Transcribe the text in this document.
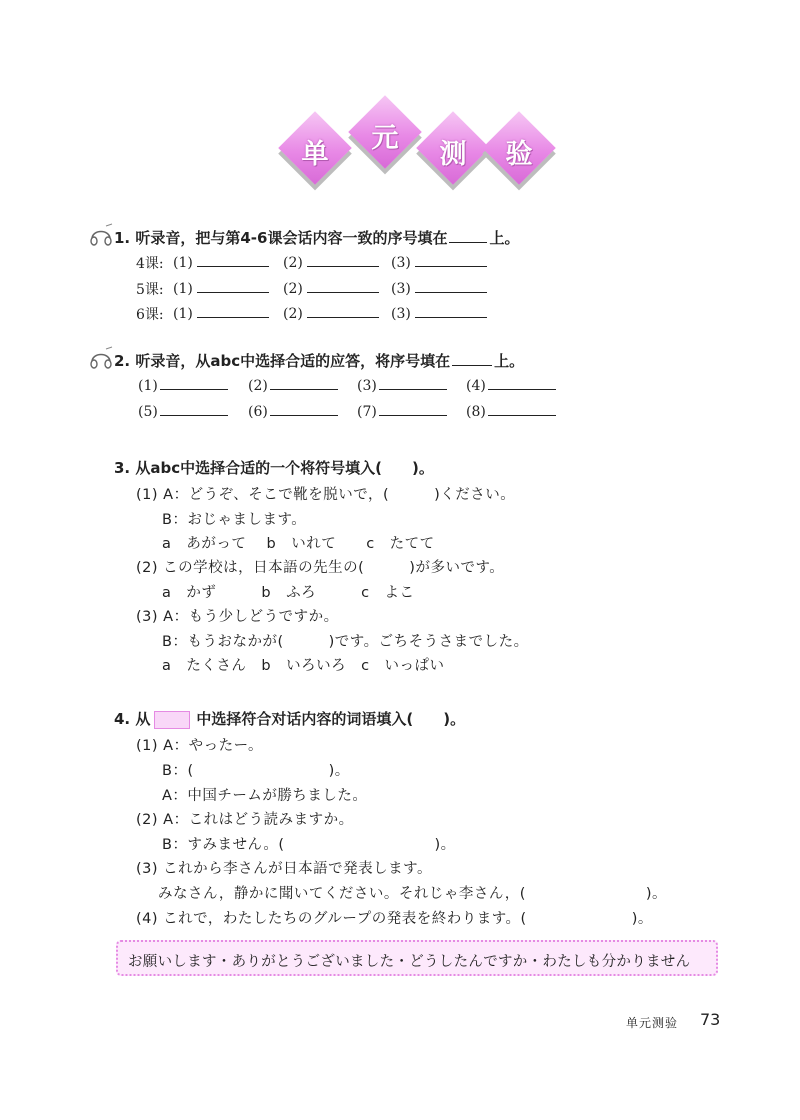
单
元
测	验
1. 听录音，把与第4-6课会话内容一致的序号填在	上。
4课: (1)	(2)	(3)
5课: (1)	(2)	(3)
6课: (1)	(2)	(3)
2. 听录音，从abc中选择合适的应答，将序号填在	上。
(1)	(2)	(3)	(4)
(5)	(6)	(7)	(8)
3. 从abc中选择合适的一个将符号填入(　　)。
(1) A：どうぞ、そこで靴を脱いで，(　　　)ください。
B：おじゃまします。
a　あがって　 b　いれて　　c　たてて
(2) この学校は，日本語の先生の(　　　)が多いです。
a　かず　　　b　ふろ　　　c　よこ
(3) A：もう少しどうですか。
B：もうおなかが(　　　)です。ごちそうさまでした。
a　たくさん　b　いろいろ　c　いっぱい
4. 从	中选择符合对话内容的词语填入(　　)。
(1) A：やったー。
B：(　　　　　　　　　)。
A：中国チームが勝ちました。
(2) A：これはどう読みますか。
B：すみません。(　　　　　　　　　　)。
(3) これから李さんが日本語で発表します。
みなさん，静かに聞いてください。それじゃ李さん，(　　　　　　　　)。
(4) これで，わたしたちのグループの発表を終わります。(　　　　　　　)。
お願いします・ありがとうございました・どうしたんですか・わたしも分かりません
单元测验 73
